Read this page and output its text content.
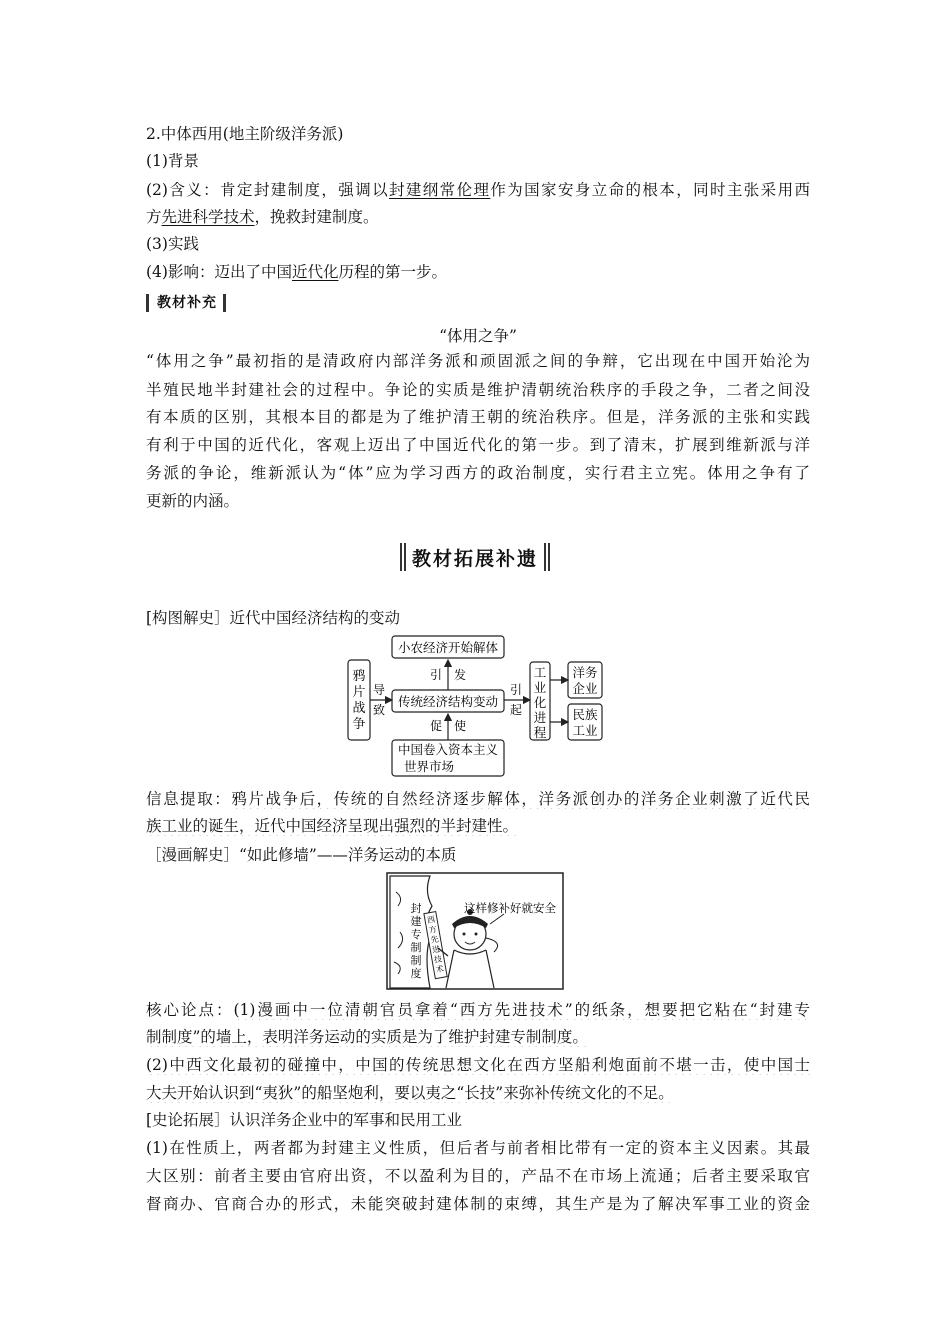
2.中体西用(地主阶级洋务派)
(1)背景
(2)含义：肯定封建制度，强调以封建纲常伦理作为国家安身立命的根本，同时主张采用西
方先进科学技术，挽救封建制度。
(3)实践
(4)影响：迈出了中国近代化历程的第一步。
教材补充
“体用之争”
“体用之争”最初指的是清政府内部洋务派和顽固派之间的争辩，它出现在中国开始沦为
半殖民地半封建社会的过程中。争论的实质是维护清朝统治秩序的手段之争，二者之间没
有本质的区别，其根本目的都是为了维护清王朝的统治秩序。但是，洋务派的主张和实践
有利于中国的近代化，客观上迈出了中国近代化的第一步。到了清末，扩展到维新派与洋
务派的争论，维新派认为“体”应为学习西方的政治制度，实行君主立宪。体用之争有了
更新的内涵。
教材拓展补遗
[构图解史］近代中国经济结构的变动
鸦
片
战
争
导
致
小农经济开始解体
引 发
传统经济结构变动
促 使
中国卷入资本主义
世界市场
引
起
工
业
化
进
程
洋务
企业
民族
工业
信息提取：鸦片战争后，传统的自然经济逐步解体，洋务派创办的洋务企业刺激了近代民
族工业的诞生，近代中国经济呈现出强烈的半封建性。
［漫画解史］“如此修墙”——洋务运动的本质
封
建
专
制
制
度
这样修补好就安全
西
方
先
进
技
术
核心论点：(1)漫画中一位清朝官员拿着“西方先进技术”的纸条，想要把它粘在“封建专
制制度”的墙上，表明洋务运动的实质是为了维护封建专制制度。
(2)中西文化最初的碰撞中，中国的传统思想文化在西方坚船利炮面前不堪一击，使中国士
大夫开始认识到“夷狄”的船坚炮利，要以夷之“长技”来弥补传统文化的不足。
[史论拓展］认识洋务企业中的军事和民用工业
(1)在性质上，两者都为封建主义性质，但后者与前者相比带有一定的资本主义因素。其最
大区别：前者主要由官府出资，不以盈利为目的，产品不在市场上流通；后者主要采取官
督商办、官商合办的形式，未能突破封建体制的束缚，其生产是为了解决军事工业的资金
